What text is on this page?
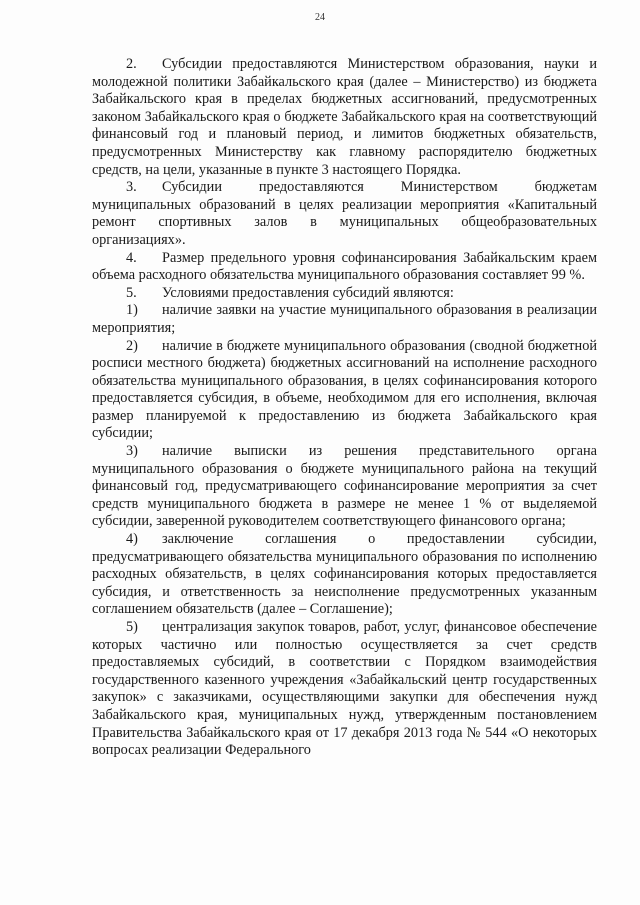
24

2. Субсидии предоставляются Министерством образования, науки и молодежной политики Забайкальского края (далее – Министерство) из бюджета Забайкальского края в пределах бюджетных ассигнований, предусмотренных законом Забайкальского края о бюджете Забайкальского края на соответствующий финансовый год и плановый период, и лимитов бюджетных обязательств, предусмотренных Министерству как главному распорядителю бюджетных средств, на цели, указанные в пункте 3 настоящего Порядка.

3. Субсидии предоставляются Министерством бюджетам муниципальных образований в целях реализации мероприятия «Капитальный ремонт спортивных залов в муниципальных общеобразовательных организациях».

4. Размер предельного уровня софинансирования Забайкальским краем объема расходного обязательства муниципального образования составляет 99 %.

5. Условиями предоставления субсидий являются:

1) наличие заявки на участие муниципального образования в реализации мероприятия;

2) наличие в бюджете муниципального образования (сводной бюджетной росписи местного бюджета) бюджетных ассигнований на исполнение расходного обязательства муниципального образования, в целях софинансирования которого предоставляется субсидия, в объеме, необходимом для его исполнения, включая размер планируемой к предоставлению из бюджета Забайкальского края субсидии;

3) наличие выписки из решения представительного органа муниципального образования о бюджете муниципального района на текущий финансовый год, предусматривающего софинансирование мероприятия за счет средств муниципального бюджета в размере не менее 1 % от выделяемой субсидии, заверенной руководителем соответствующего финансового органа;

4) заключение соглашения о предоставлении субсидии, предусматривающего обязательства муниципального образования по исполнению расходных обязательств, в целях софинансирования которых предоставляется субсидия, и ответственность за неисполнение предусмотренных указанным соглашением обязательств (далее – Соглашение);

5) централизация закупок товаров, работ, услуг, финансовое обеспечение которых частично или полностью осуществляется за счет средств предоставляемых субсидий, в соответствии с Порядком взаимодействия государственного казенного учреждения «Забайкальский центр государственных закупок» с заказчиками, осуществляющими закупки для обеспечения нужд Забайкальского края, муниципальных нужд, утвержденным постановлением Правительства Забайкальского края от 17 декабря 2013 года № 544 «О некоторых вопросах реализации Федерального
